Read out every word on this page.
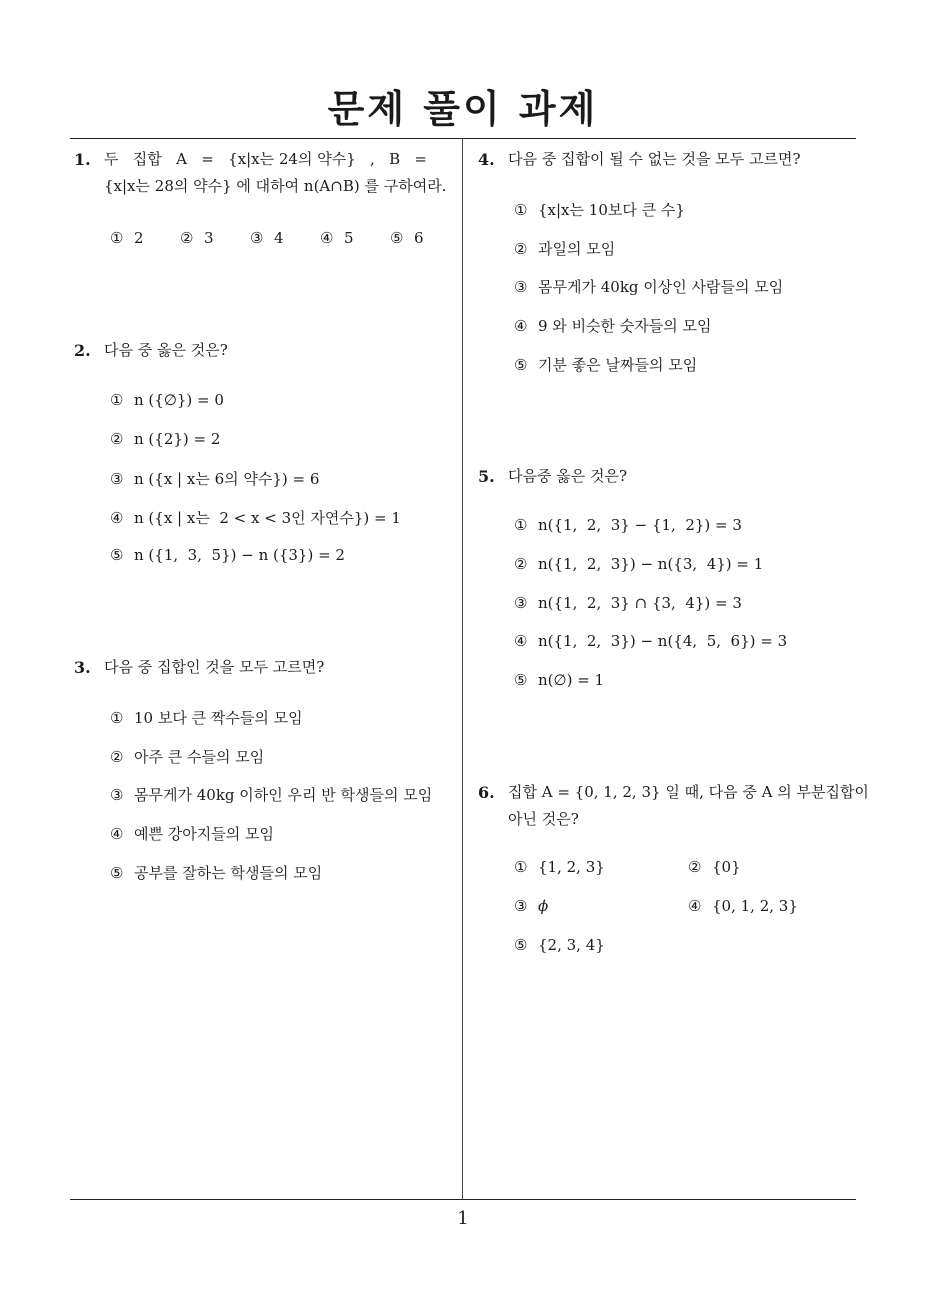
문제 풀이 과제
1. 두   집합   A   =   {x|x는 24의 약수}   ,   B   =
{x|x는 28의 약수} 에 대하여 n(A∩B) 를 구하여라.
① 2 ② 3 ③ 4 ④ 5 ⑤ 6
2. 다음 중 옳은 것은?
① n ({∅}) = 0
② n ({2}) = 2
③ n ({x | x는 6의 약수}) = 6
④ n ({x | x는  2 < x < 3인 자연수}) = 1
⑤ n ({1,  3,  5}) − n ({3}) = 2
3. 다음 중 집합인 것을 모두 고르면?
① 10 보다 큰 짝수들의 모임
② 아주 큰 수들의 모임
③ 몸무게가 40kg 이하인 우리 반 학생들의 모임
④ 예쁜 강아지들의 모임
⑤ 공부를 잘하는 학생들의 모임
4. 다음 중 집합이 될 수 없는 것을 모두 고르면?
① {x|x는 10보다 큰 수}
② 과일의 모임
③ 몸무게가 40kg 이상인 사람들의 모임
④ 9 와 비슷한 숫자들의 모임
⑤ 기분 좋은 날짜들의 모임
5. 다음중 옳은 것은?
① n({1,  2,  3} − {1,  2}) = 3
② n({1,  2,  3}) − n({3,  4}) = 1
③ n({1,  2,  3} ∩ {3,  4}) = 3
④ n({1,  2,  3}) − n({4,  5,  6}) = 3
⑤ n(∅) = 1
6. 집합 A = {0, 1, 2, 3} 일 때, 다음 중 A 의 부분집합이
아닌 것은?
① {1, 2, 3}	② {0}
③ ϕ	④ {0, 1, 2, 3}
⑤ {2, 3, 4}
1
